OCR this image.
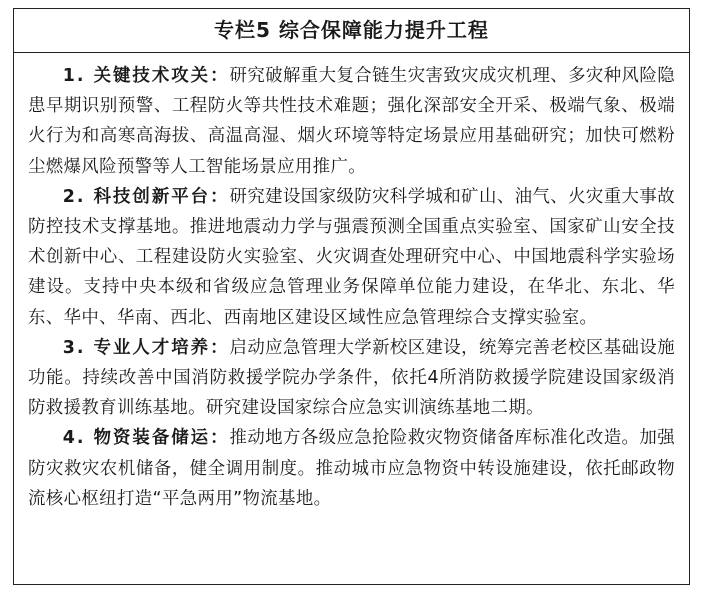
专栏5 综合保障能力提升工程

1. 关键技术攻关：研究破解重大复合链生灾害致灾成灾机理、多灾种风险隐患早期识别预警、工程防火等共性技术难题；强化深部安全开采、极端气象、极端火行为和高寒高海拔、高温高湿、烟火环境等特定场景应用基础研究；加快可燃粉尘燃爆风险预警等人工智能场景应用推广。

2. 科技创新平台：研究建设国家级防灾科学城和矿山、油气、火灾重大事故防控技术支撑基地。推进地震动力学与强震预测全国重点实验室、国家矿山安全技术创新中心、工程建设防火实验室、火灾调查处理研究中心、中国地震科学实验场建设。支持中央本级和省级应急管理业务保障单位能力建设，在华北、东北、华东、华中、华南、西北、西南地区建设区域性应急管理综合支撑实验室。

3. 专业人才培养：启动应急管理大学新校区建设，统筹完善老校区基础设施功能。持续改善中国消防救援学院办学条件，依托4所消防救援学院建设国家级消防救援教育训练基地。研究建设国家综合应急实训演练基地二期。

4. 物资装备储运：推动地方各级应急抢险救灾物资储备库标准化改造。加强防灾救灾农机储备，健全调用制度。推动城市应急物资中转设施建设，依托邮政物流核心枢纽打造“平急两用”物流基地。
